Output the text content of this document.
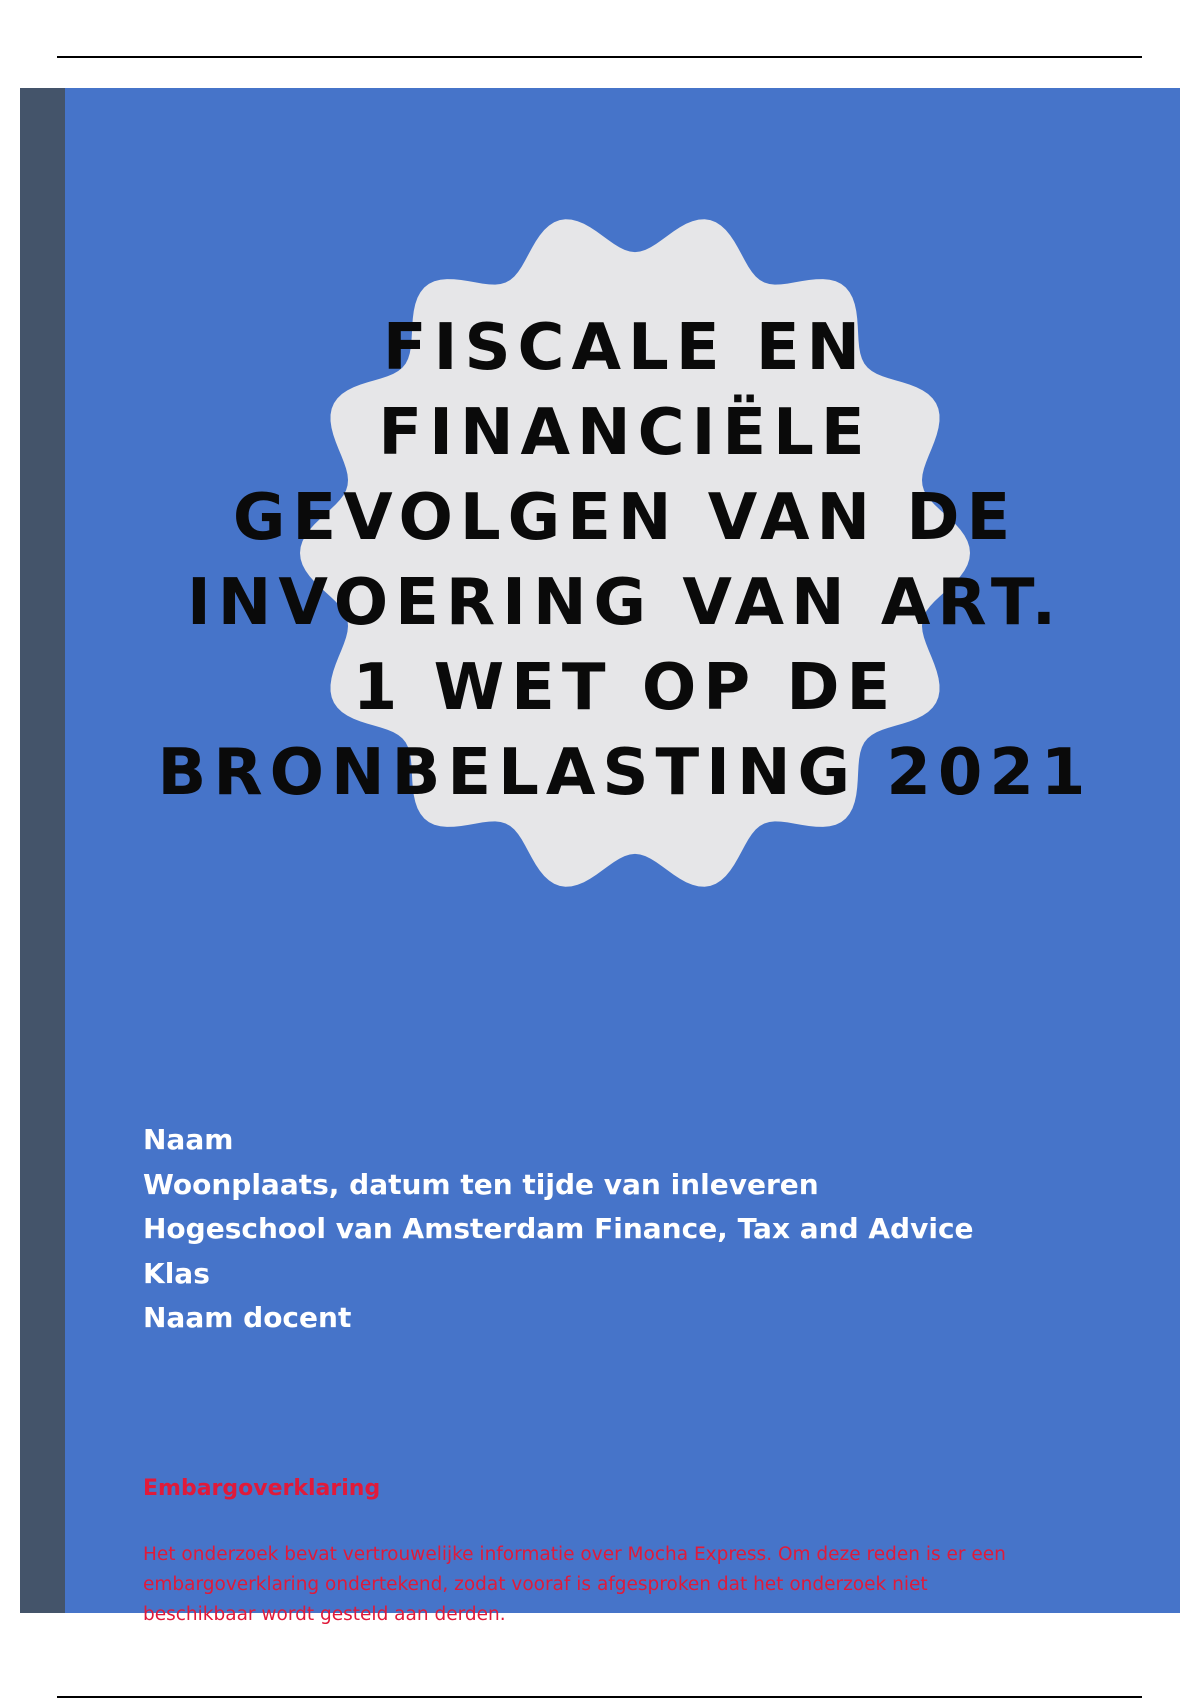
FISCALE EN
FINANCIËLE
GEVOLGEN VAN DE
INVOERING VAN ART.
1 WET OP DE
BRONBELASTING 2021
Naam
Woonplaats, datum ten tijde van inleveren
Hogeschool van Amsterdam Finance, Tax and Advice
Klas
Naam docent
Embargoverklaring

Het onderzoek bevat vertrouwelijke informatie over Mocha Express. Om deze reden is er een embargoverklaring ondertekend, zodat vooraf is afgesproken dat het onderzoek niet beschikbaar wordt gesteld aan derden.
